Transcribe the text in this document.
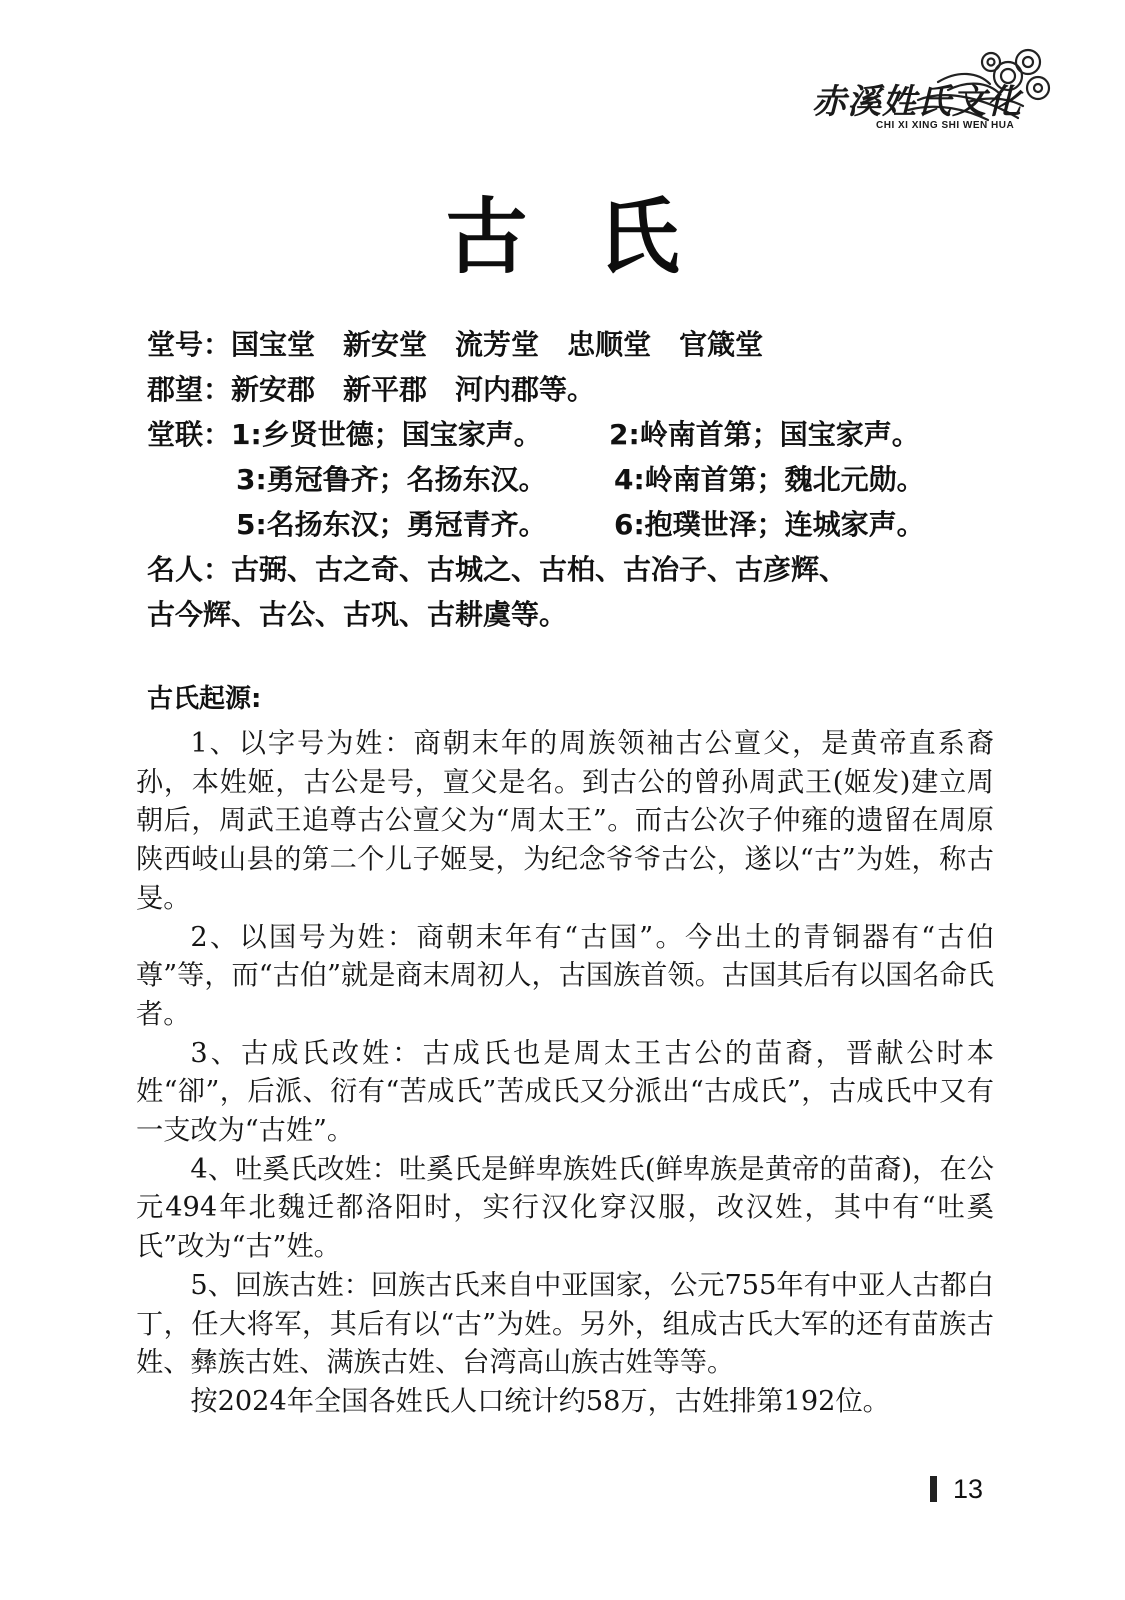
赤溪姓氏文化
CHI XI XING SHI WEN HUA
古氏
堂号：国宝堂 新安堂 流芳堂 忠顺堂 官箴堂
郡望：新安郡 新平郡 河内郡等。
堂联：1:乡贤世德；国宝家声。 2:岭南首第；国宝家声。
3:勇冠鲁齐；名扬东汉。 4:岭南首第；魏北元勋。
5:名扬东汉；勇冠青齐。 6:抱璞世泽；连城家声。
名人：古弼、古之奇、古城之、古柏、古冶子、古彦辉、
古今辉、古公、古巩、古耕虞等。
古氏起源:

1、以字号为姓：商朝末年的周族领袖古公亶父，是黄帝直系裔孙，本姓姬，古公是号，亶父是名。到古公的曾孙周武王(姬发)建立周朝后，周武王追尊古公亶父为“周太王”。而古公次子仲雍的遗留在周原陕西岐山县的第二个儿子姬旻，为纪念爷爷古公，遂以“古”为姓，称古旻。

2、以国号为姓：商朝末年有“古国”。今出土的青铜器有“古伯尊”等，而“古伯”就是商末周初人，古国族首领。古国其后有以国名命氏者。

3、古成氏改姓：古成氏也是周太王古公的苗裔，晋献公时本姓“卻”，后派、衍有“苦成氏”苦成氏又分派出“古成氏”，古成氏中又有一支改为“古姓”。

4、吐奚氏改姓：吐奚氏是鲜卑族姓氏(鲜卑族是黄帝的苗裔)，在公元494年北魏迁都洛阳时，实行汉化穿汉服，改汉姓，其中有“吐奚氏”改为“古”姓。

5、回族古姓：回族古氏来自中亚国家，公元755年有中亚人古都白丁，任大将军，其后有以“古”为姓。另外，组成古氏大军的还有苗族古姓、彝族古姓、满族古姓、台湾高山族古姓等等。

按2024年全国各姓氏人口统计约58万，古姓排第192位。

13
